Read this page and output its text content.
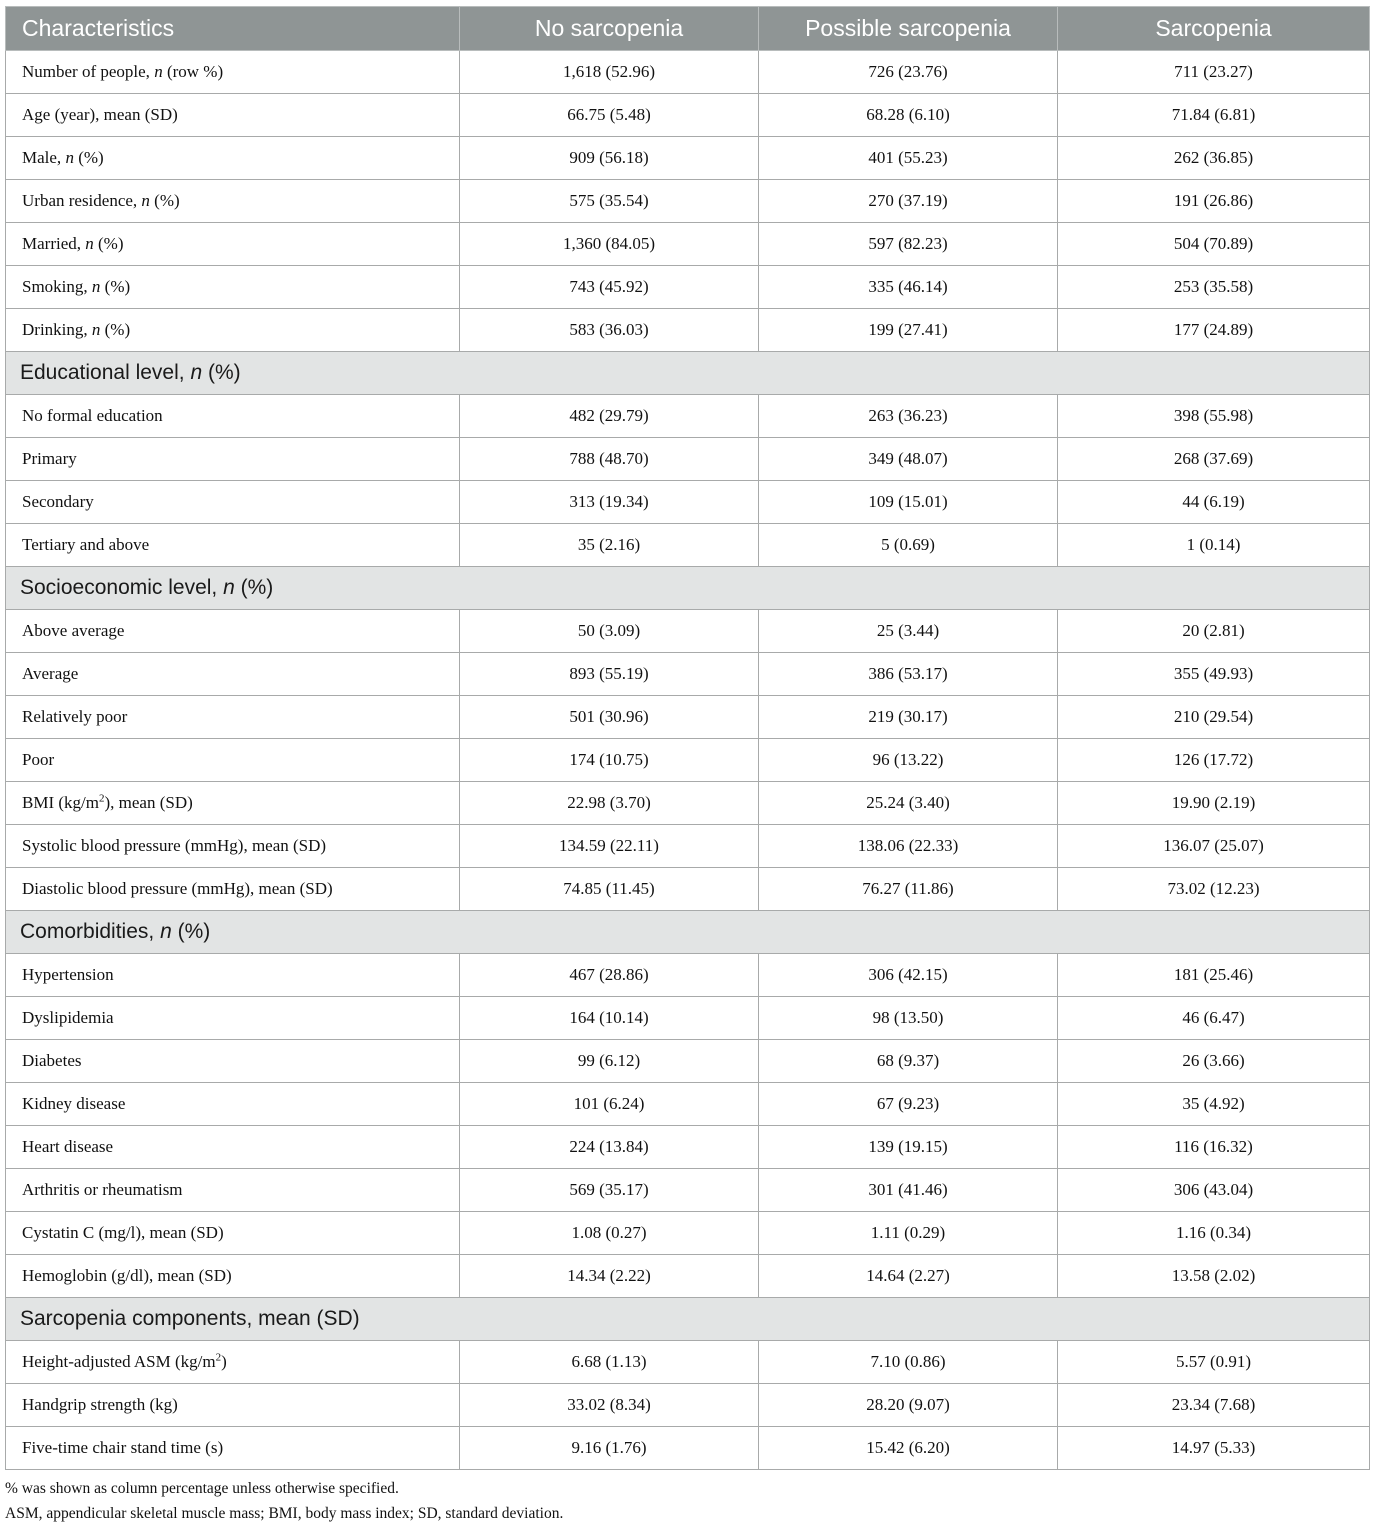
Characteristics	No sarcopenia	Possible sarcopenia	Sarcopenia
Number of people, n (row %)	1,618 (52.96)	726 (23.76)	711 (23.27)
Age (year), mean (SD)	66.75 (5.48)	68.28 (6.10)	71.84 (6.81)
Male, n (%)	909 (56.18)	401 (55.23)	262 (36.85)
Urban residence, n (%)	575 (35.54)	270 (37.19)	191 (26.86)
Married, n (%)	1,360 (84.05)	597 (82.23)	504 (70.89)
Smoking, n (%)	743 (45.92)	335 (46.14)	253 (35.58)
Drinking, n (%)	583 (36.03)	199 (27.41)	177 (24.89)
Educational level, n (%)			
No formal education	482 (29.79)	263 (36.23)	398 (55.98)
Primary	788 (48.70)	349 (48.07)	268 (37.69)
Secondary	313 (19.34)	109 (15.01)	44 (6.19)
Tertiary and above	35 (2.16)	5 (0.69)	1 (0.14)
Socioeconomic level, n (%)			
Above average	50 (3.09)	25 (3.44)	20 (2.81)
Average	893 (55.19)	386 (53.17)	355 (49.93)
Relatively poor	501 (30.96)	219 (30.17)	210 (29.54)
Poor	174 (10.75)	96 (13.22)	126 (17.72)
BMI $(kg/m^2)$, mean (SD)	22.98 (3.70)	25.24 (3.40)	19.90 (2.19)
Systolic blood pressure (mmHg), mean (SD)	134.59 (22.11)	138.06 (22.33)	136.07 (25.07)
Diastolic blood pressure (mmHg), mean (SD)	74.85 (11.45)	76.27 (11.86)	73.02 (12.23)
Comorbidities, n (%)			
Hypertension	467 (28.86)	306 (42.15)	181 (25.46)
Dyslipidemia	164 (10.14)	98 (13.50)	46 (6.47)
Diabetes	99 (6.12)	68 (9.37)	26 (3.66)
Kidney disease	101 (6.24)	67 (9.23)	35 (4.92)
Heart disease	224 (13.84)	139 (19.15)	116 (16.32)
Arthritis or rheumatism	569 (35.17)	301 (41.46)	306 (43.04)
Cystatin C (mg/l), mean (SD)	1.08 (0.27)	1.11 (0.29)	1.16 (0.34)
Hemoglobin (g/dl), mean (SD)	14.34 (2.22)	14.64 (2.27)	13.58 (2.02)
Sarcopenia components, mean (SD)			
Height-adjusted ASM $(kg/m^2)$	6.68 (1.13)	7.10 (0.86)	5.57 (0.91)
Handgrip strength (kg)	33.02 (8.34)	28.20 (9.07)	23.34 (7.68)
Five-time chair stand time (s)	9.16 (1.76)	15.42 (6.20)	14.97 (5.33)
% was shown as column percentage unless otherwise specified.
ASM, appendicular skeletal muscle mass; BMI, body mass index; SD, standard deviation.
